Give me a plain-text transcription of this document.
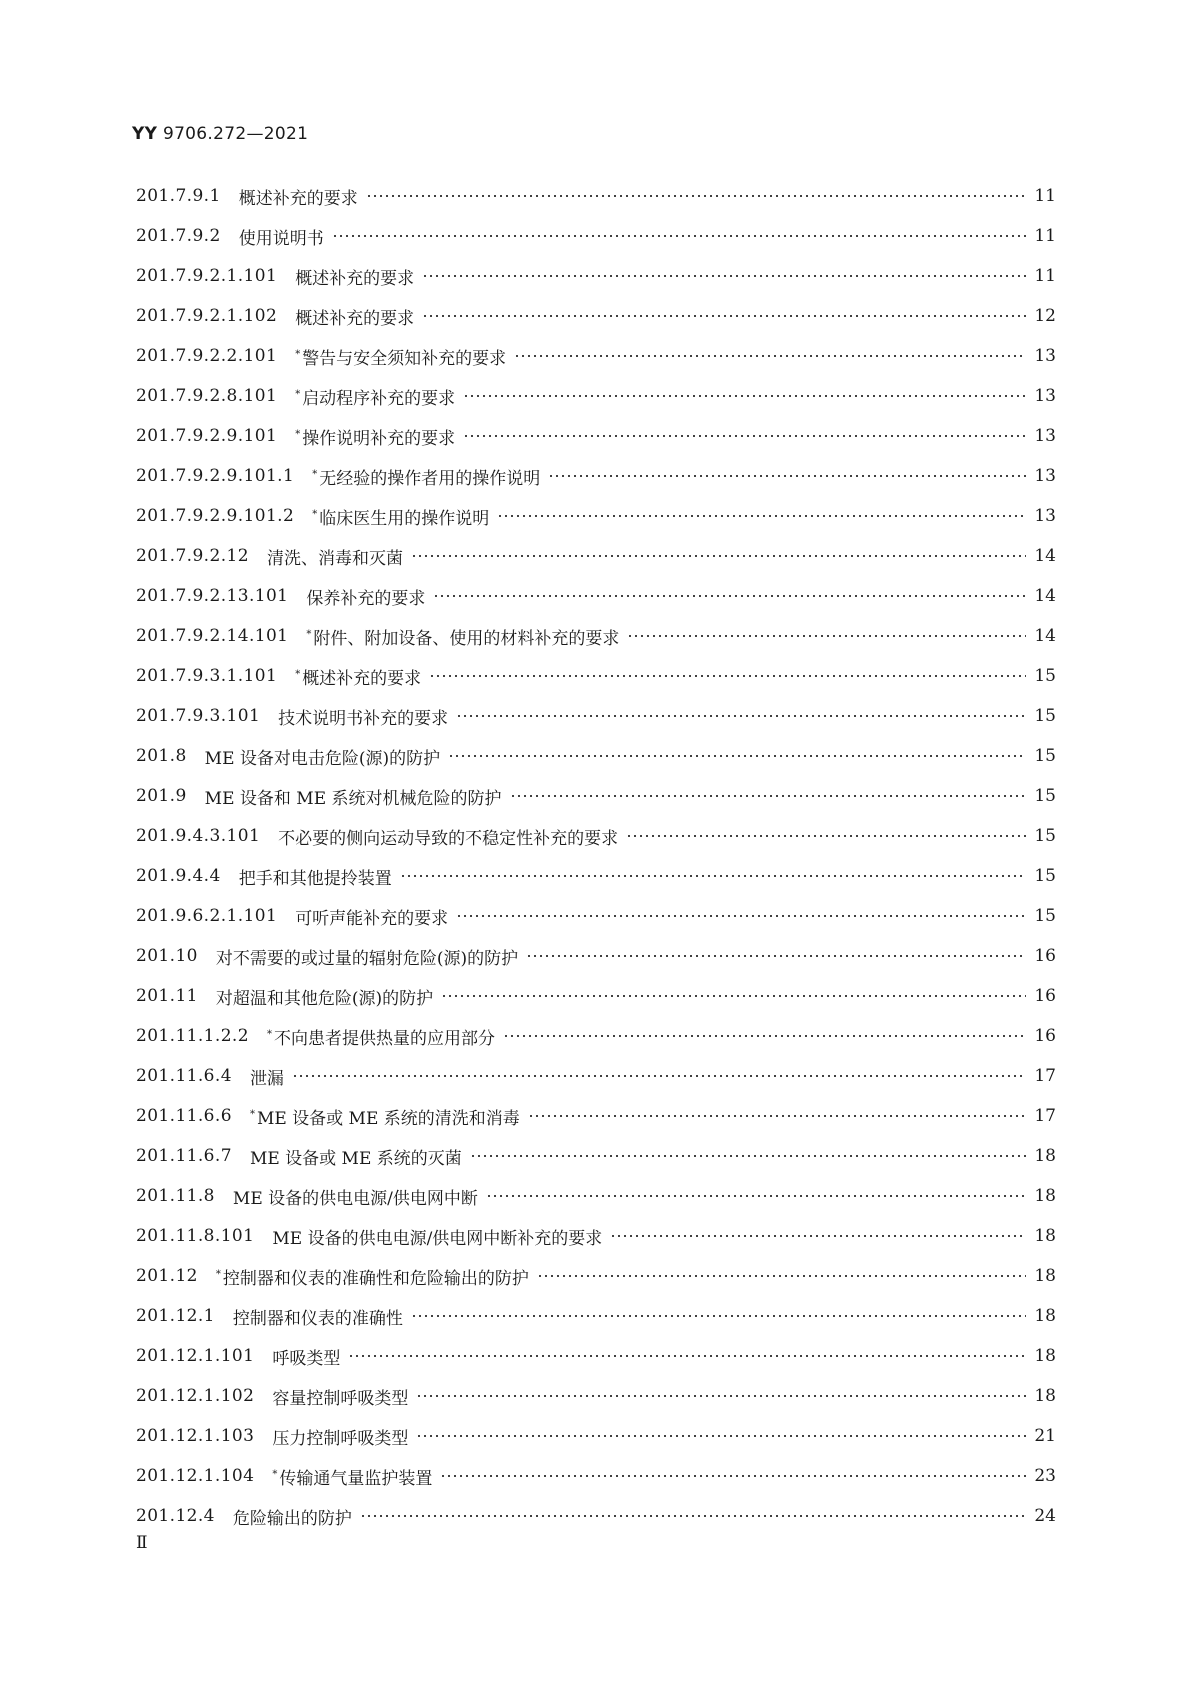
YY 9706.272—2021
201.7.9.1 概述补充的要求	11
201.7.9.2 使用说明书	11
201.7.9.2.1.101 概述补充的要求	11
201.7.9.2.1.102 概述补充的要求	12
201.7.9.2.2.101 * 警告与安全须知补充的要求	13
201.7.9.2.8.101 * 启动程序补充的要求	13
201.7.9.2.9.101 * 操作说明补充的要求	13
201.7.9.2.9.101.1 * 无经验的操作者用的操作说明	13
201.7.9.2.9.101.2 * 临床医生用的操作说明	13
201.7.9.2.12 清洗、消毒和灭菌	14
201.7.9.2.13.101 保养补充的要求	14
201.7.9.2.14.101 * 附件、附加设备、使用的材料补充的要求	14
201.7.9.3.1.101 * 概述补充的要求	15
201.7.9.3.101 技术说明书补充的要求	15
201.8 ME 设备对电击危险(源)的防护	15
201.9 ME 设备和 ME 系统对机械危险的防护	15
201.9.4.3.101 不必要的侧向运动导致的不稳定性补充的要求	15
201.9.4.4 把手和其他提拎装置	15
201.9.6.2.1.101 可听声能补充的要求	15
201.10 对不需要的或过量的辐射危险(源)的防护	16
201.11 对超温和其他危险(源)的防护	16
201.11.1.2.2 * 不向患者提供热量的应用部分	16
201.11.6.4 泄漏	17
201.11.6.6 * ME 设备或 ME 系统的清洗和消毒	17
201.11.6.7 ME 设备或 ME 系统的灭菌	18
201.11.8 ME 设备的供电电源/供电网中断	18
201.11.8.101 ME 设备的供电电源/供电网中断补充的要求	18
201.12 * 控制器和仪表的准确性和危险输出的防护	18
201.12.1 控制器和仪表的准确性	18
201.12.1.101 呼吸类型	18
201.12.1.102 容量控制呼吸类型	18
201.12.1.103 压力控制呼吸类型	21
201.12.1.104 * 传输通气量监护装置	23
201.12.4 危险输出的防护	24
Ⅱ
